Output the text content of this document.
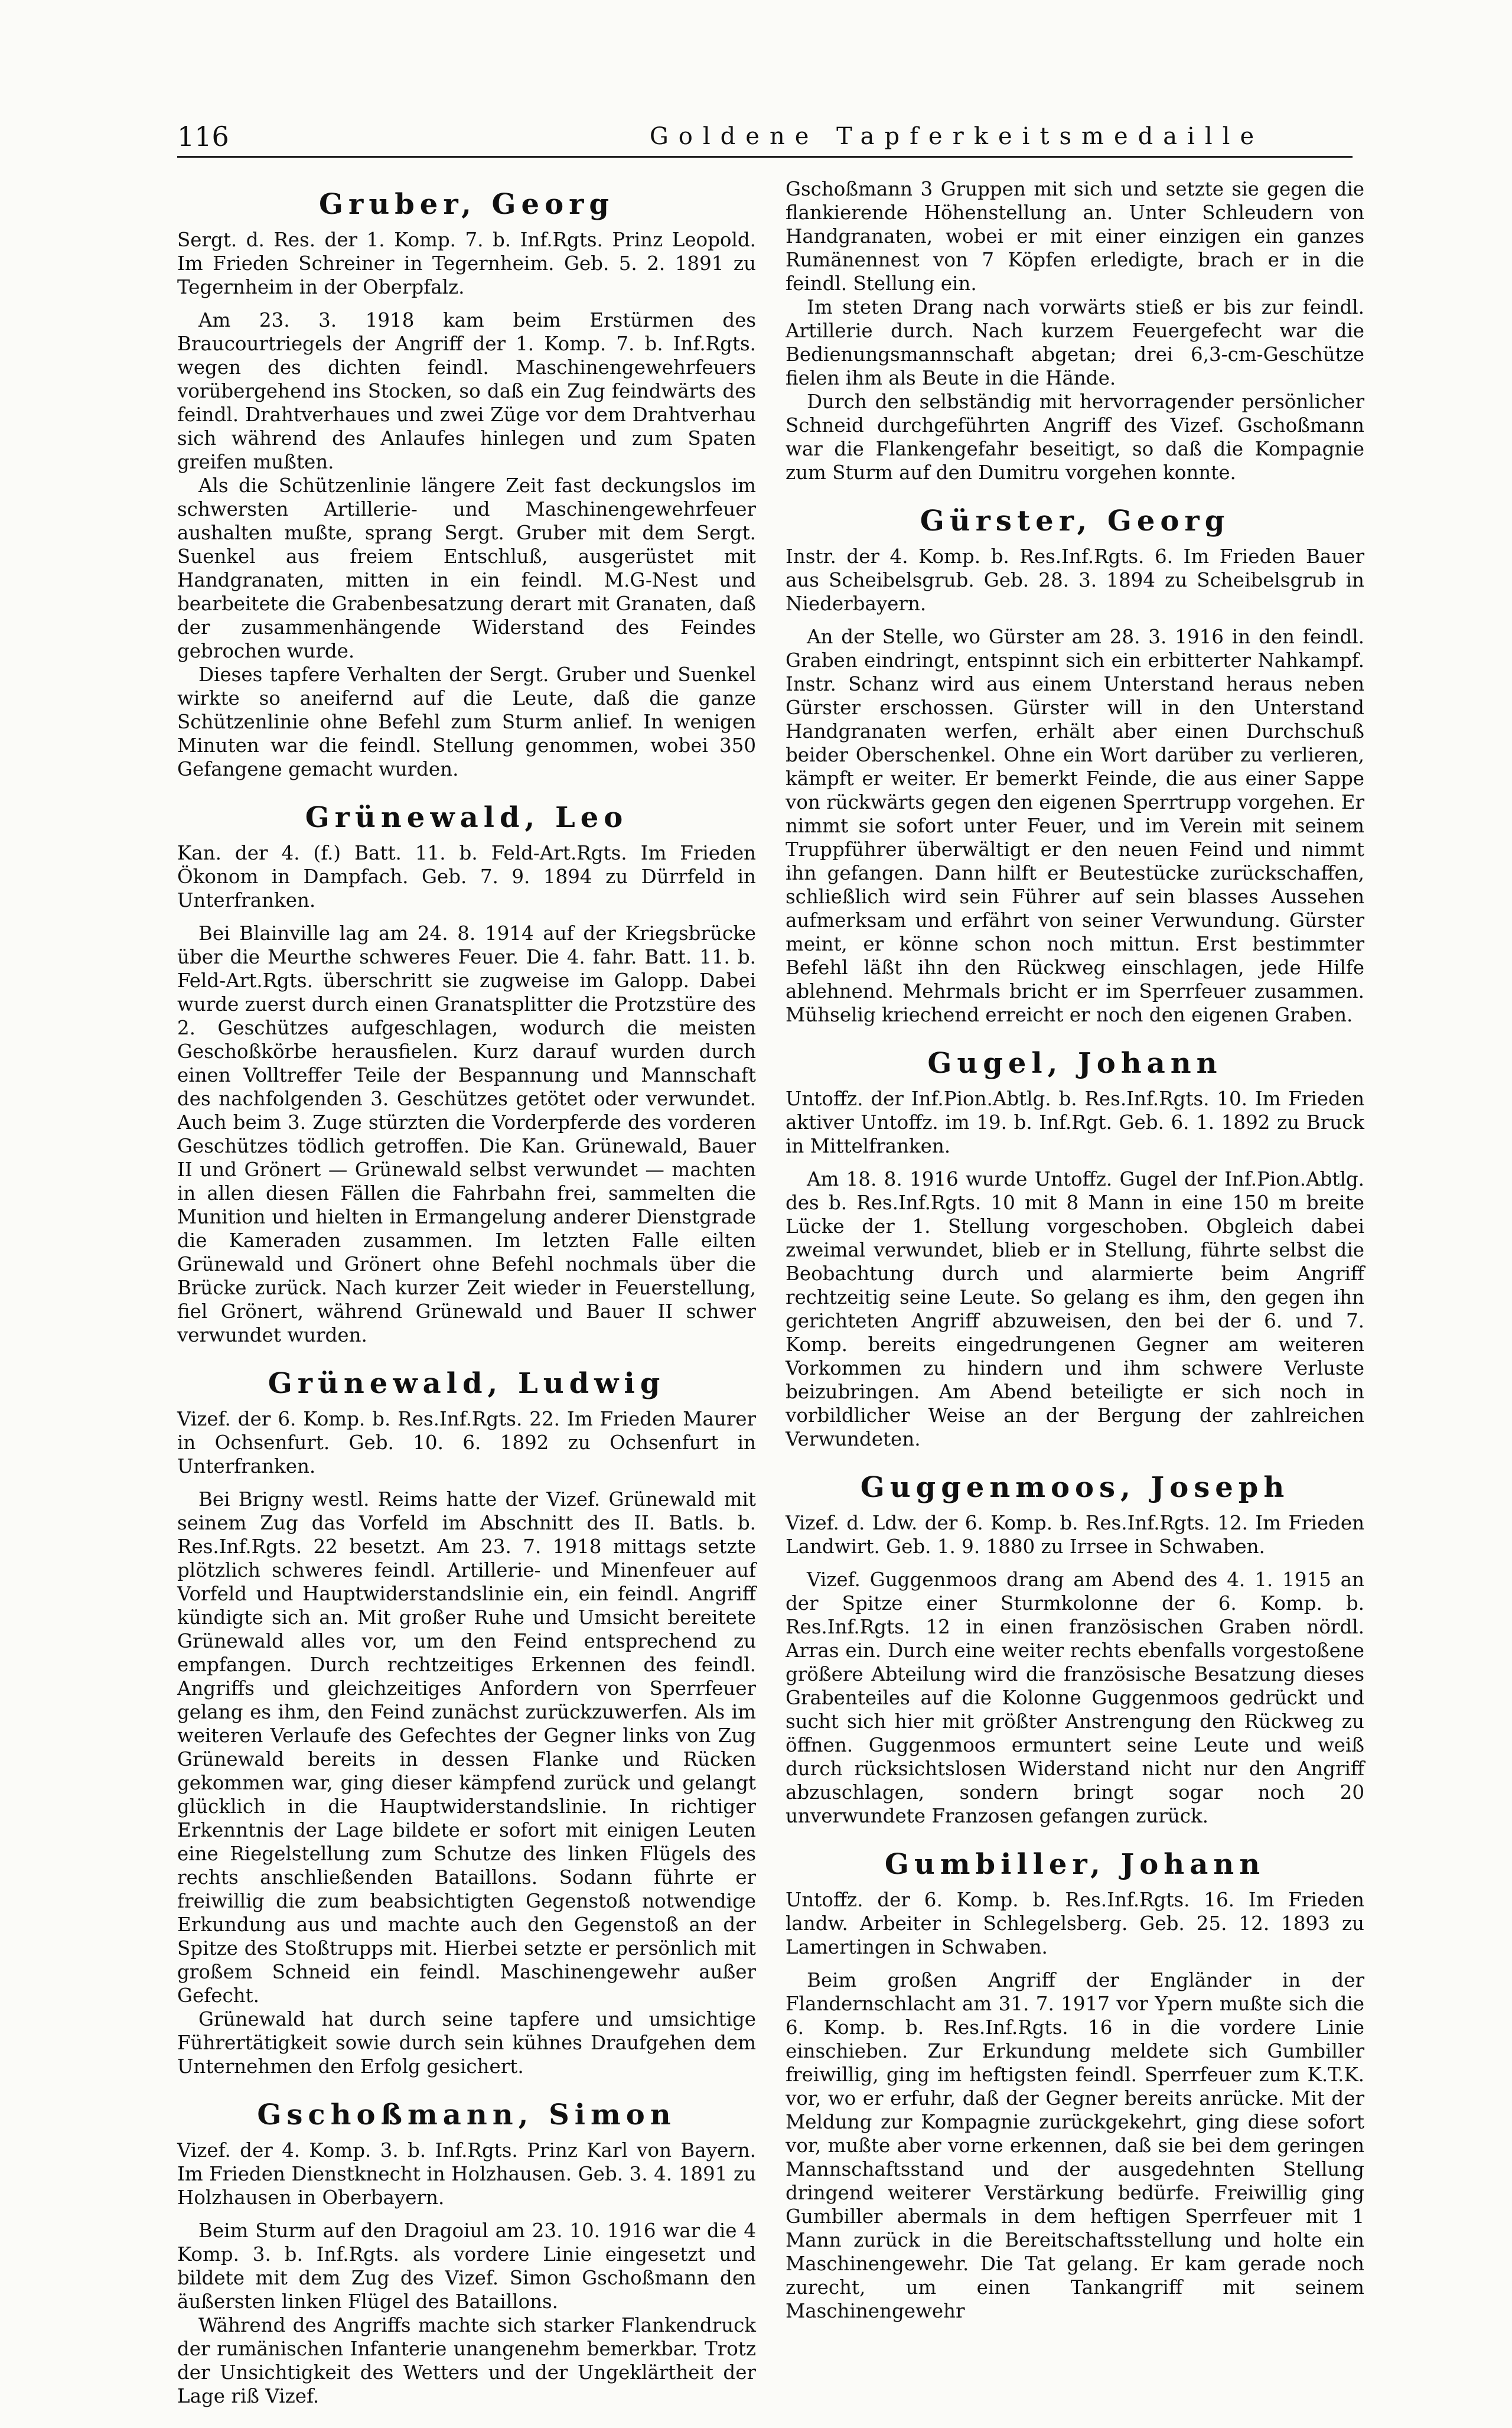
116	Goldene Tapferkeitsmedaille
Gruber, Georg

Sergt. d. Res. der 1. Komp. 7. b. Inf.Rgts. Prinz Leopold. Im Frieden Schreiner in Tegernheim. Geb. 5. 2. 1891 zu Tegernheim in der Oberpfalz.

Am 23. 3. 1918 kam beim Erstürmen des Braucourtriegels der Angriff der 1. Komp. 7. b. Inf.Rgts. wegen des dichten feindl. Maschinengewehrfeuers vorübergehend ins Stocken, so daß ein Zug feindwärts des feindl. Drahtverhaues und zwei Züge vor dem Drahtverhau sich während des Anlaufes hinlegen und zum Spaten greifen mußten.

Als die Schützenlinie längere Zeit fast deckungslos im schwersten Artillerie- und Maschinengewehrfeuer aushalten mußte, sprang Sergt. Gruber mit dem Sergt. Suenkel aus freiem Entschluß, ausgerüstet mit Handgranaten, mitten in ein feindl. M.G-Nest und bearbeitete die Grabenbesatzung derart mit Granaten, daß der zusammenhängende Widerstand des Feindes gebrochen wurde.

Dieses tapfere Verhalten der Sergt. Gruber und Suenkel wirkte so aneifernd auf die Leute, daß die ganze Schützenlinie ohne Befehl zum Sturm anlief. In wenigen Minuten war die feindl. Stellung genommen, wobei 350 Gefangene gemacht wurden.

Grünewald, Leo

Kan. der 4. (f.) Batt. 11. b. Feld-Art.Rgts. Im Frieden Ökonom in Dampfach. Geb. 7. 9. 1894 zu Dürrfeld in Unterfranken.

Bei Blainville lag am 24. 8. 1914 auf der Kriegsbrücke über die Meurthe schweres Feuer. Die 4. fahr. Batt. 11. b. Feld-Art.Rgts. überschritt sie zugweise im Galopp. Dabei wurde zuerst durch einen Granatsplitter die Protzstüre des 2. Geschützes aufgeschlagen, wodurch die meisten Geschoßkörbe herausfielen. Kurz darauf wurden durch einen Volltreffer Teile der Bespannung und Mannschaft des nachfolgenden 3. Geschützes getötet oder verwundet. Auch beim 3. Zuge stürzten die Vorderpferde des vorderen Geschützes tödlich getroffen. Die Kan. Grünewald, Bauer II und Grönert — Grünewald selbst verwundet — machten in allen diesen Fällen die Fahrbahn frei, sammelten die Munition und hielten in Ermangelung anderer Dienstgrade die Kameraden zusammen. Im letzten Falle eilten Grünewald und Grönert ohne Befehl nochmals über die Brücke zurück. Nach kurzer Zeit wieder in Feuerstellung, fiel Grönert, während Grünewald und Bauer II schwer verwundet wurden.

Grünewald, Ludwig

Vizef. der 6. Komp. b. Res.Inf.Rgts. 22. Im Frieden Maurer in Ochsenfurt. Geb. 10. 6. 1892 zu Ochsenfurt in Unterfranken.

Bei Brigny westl. Reims hatte der Vizef. Grünewald mit seinem Zug das Vorfeld im Abschnitt des II. Batls. b. Res.Inf.Rgts. 22 besetzt. Am 23. 7. 1918 mittags setzte plötzlich schweres feindl. Artillerie- und Minenfeuer auf Vorfeld und Hauptwiderstandslinie ein, ein feindl. Angriff kündigte sich an. Mit großer Ruhe und Umsicht bereitete Grünewald alles vor, um den Feind entsprechend zu empfangen. Durch rechtzeitiges Erkennen des feindl. Angriffs und gleichzeitiges Anfordern von Sperrfeuer gelang es ihm, den Feind zunächst zurückzuwerfen. Als im weiteren Verlaufe des Gefechtes der Gegner links von Zug Grünewald bereits in dessen Flanke und Rücken gekommen war, ging dieser kämpfend zurück und gelangt glücklich in die Hauptwiderstandslinie. In richtiger Erkenntnis der Lage bildete er sofort mit einigen Leuten eine Riegelstellung zum Schutze des linken Flügels des rechts anschließenden Bataillons. Sodann führte er freiwillig die zum beabsichtigten Gegenstoß notwendige Erkundung aus und machte auch den Gegenstoß an der Spitze des Stoßtrupps mit. Hierbei setzte er persönlich mit großem Schneid ein feindl. Maschinengewehr außer Gefecht.

Grünewald hat durch seine tapfere und umsichtige Führertätigkeit sowie durch sein kühnes Draufgehen dem Unternehmen den Erfolg gesichert.

Gschoßmann, Simon

Vizef. der 4. Komp. 3. b. Inf.Rgts. Prinz Karl von Bayern. Im Frieden Dienstknecht in Holzhausen. Geb. 3. 4. 1891 zu Holzhausen in Oberbayern.

Beim Sturm auf den Dragoiul am 23. 10. 1916 war die 4 Komp. 3. b. Inf.Rgts. als vordere Linie eingesetzt und bildete mit dem Zug des Vizef. Simon Gschoßmann den äußersten linken Flügel des Bataillons.

Während des Angriffs machte sich starker Flankendruck der rumänischen Infanterie unangenehm bemerkbar. Trotz der Unsichtigkeit des Wetters und der Ungeklärtheit der Lage riß Vizef.

Gschoßmann 3 Gruppen mit sich und setzte sie gegen die flankierende Höhenstellung an. Unter Schleudern von Handgranaten, wobei er mit einer einzigen ein ganzes Rumänennest von 7 Köpfen erledigte, brach er in die feindl. Stellung ein.

Im steten Drang nach vorwärts stieß er bis zur feindl. Artillerie durch. Nach kurzem Feuergefecht war die Bedienungsmannschaft abgetan; drei 6,3-cm-Geschütze fielen ihm als Beute in die Hände.

Durch den selbständig mit hervorragender persönlicher Schneid durchgeführten Angriff des Vizef. Gschoßmann war die Flankengefahr beseitigt, so daß die Kompagnie zum Sturm auf den Dumitru vorgehen konnte.

Gürster, Georg

Instr. der 4. Komp. b. Res.Inf.Rgts. 6. Im Frieden Bauer aus Scheibelsgrub. Geb. 28. 3. 1894 zu Scheibelsgrub in Niederbayern.

An der Stelle, wo Gürster am 28. 3. 1916 in den feindl. Graben eindringt, entspinnt sich ein erbitterter Nahkampf. Instr. Schanz wird aus einem Unterstand heraus neben Gürster erschossen. Gürster will in den Unterstand Handgranaten werfen, erhält aber einen Durchschuß beider Oberschenkel. Ohne ein Wort darüber zu verlieren, kämpft er weiter. Er bemerkt Feinde, die aus einer Sappe von rückwärts gegen den eigenen Sperrtrupp vorgehen. Er nimmt sie sofort unter Feuer, und im Verein mit seinem Truppführer überwältigt er den neuen Feind und nimmt ihn gefangen. Dann hilft er Beutestücke zurückschaffen, schließlich wird sein Führer auf sein blasses Aussehen aufmerksam und erfährt von seiner Verwundung. Gürster meint, er könne schon noch mittun. Erst bestimmter Befehl läßt ihn den Rückweg einschlagen, jede Hilfe ablehnend. Mehrmals bricht er im Sperrfeuer zusammen. Mühselig kriechend erreicht er noch den eigenen Graben.

Gugel, Johann

Untoffz. der Inf.Pion.Abtlg. b. Res.Inf.Rgts. 10. Im Frieden aktiver Untoffz. im 19. b. Inf.Rgt. Geb. 6. 1. 1892 zu Bruck in Mittelfranken.

Am 18. 8. 1916 wurde Untoffz. Gugel der Inf.Pion.Abtlg. des b. Res.Inf.Rgts. 10 mit 8 Mann in eine 150 m breite Lücke der 1. Stellung vorgeschoben. Obgleich dabei zweimal verwundet, blieb er in Stellung, führte selbst die Beobachtung durch und alarmierte beim Angriff rechtzeitig seine Leute. So gelang es ihm, den gegen ihn gerichteten Angriff abzuweisen, den bei der 6. und 7. Komp. bereits eingedrungenen Gegner am weiteren Vorkommen zu hindern und ihm schwere Verluste beizubringen. Am Abend beteiligte er sich noch in vorbildlicher Weise an der Bergung der zahlreichen Verwundeten.

Guggenmoos, Joseph

Vizef. d. Ldw. der 6. Komp. b. Res.Inf.Rgts. 12. Im Frieden Landwirt. Geb. 1. 9. 1880 zu Irrsee in Schwaben.

Vizef. Guggenmoos drang am Abend des 4. 1. 1915 an der Spitze einer Sturmkolonne der 6. Komp. b. Res.Inf.Rgts. 12 in einen französischen Graben nördl. Arras ein. Durch eine weiter rechts ebenfalls vorgestoßene größere Abteilung wird die französische Besatzung dieses Grabenteiles auf die Kolonne Guggenmoos gedrückt und sucht sich hier mit größter Anstrengung den Rückweg zu öffnen. Guggenmoos ermuntert seine Leute und weiß durch rücksichtslosen Widerstand nicht nur den Angriff abzuschlagen, sondern bringt sogar noch 20 unverwundete Franzosen gefangen zurück.

Gumbiller, Johann

Untoffz. der 6. Komp. b. Res.Inf.Rgts. 16. Im Frieden landw. Arbeiter in Schlegelsberg. Geb. 25. 12. 1893 zu Lamertingen in Schwaben.

Beim großen Angriff der Engländer in der Flandernschlacht am 31. 7. 1917 vor Ypern mußte sich die 6. Komp. b. Res.Inf.Rgts. 16 in die vordere Linie einschieben. Zur Erkundung meldete sich Gumbiller freiwillig, ging im heftigsten feindl. Sperrfeuer zum K.T.K. vor, wo er erfuhr, daß der Gegner bereits anrücke. Mit der Meldung zur Kompagnie zurückgekehrt, ging diese sofort vor, mußte aber vorne erkennen, daß sie bei dem geringen Mannschaftsstand und der ausgedehnten Stellung dringend weiterer Verstärkung bedürfe. Freiwillig ging Gumbiller abermals in dem heftigen Sperrfeuer mit 1 Mann zurück in die Bereitschaftsstellung und holte ein Maschinengewehr. Die Tat gelang. Er kam gerade noch zurecht, um einen Tankangriff mit seinem Maschinengewehr
